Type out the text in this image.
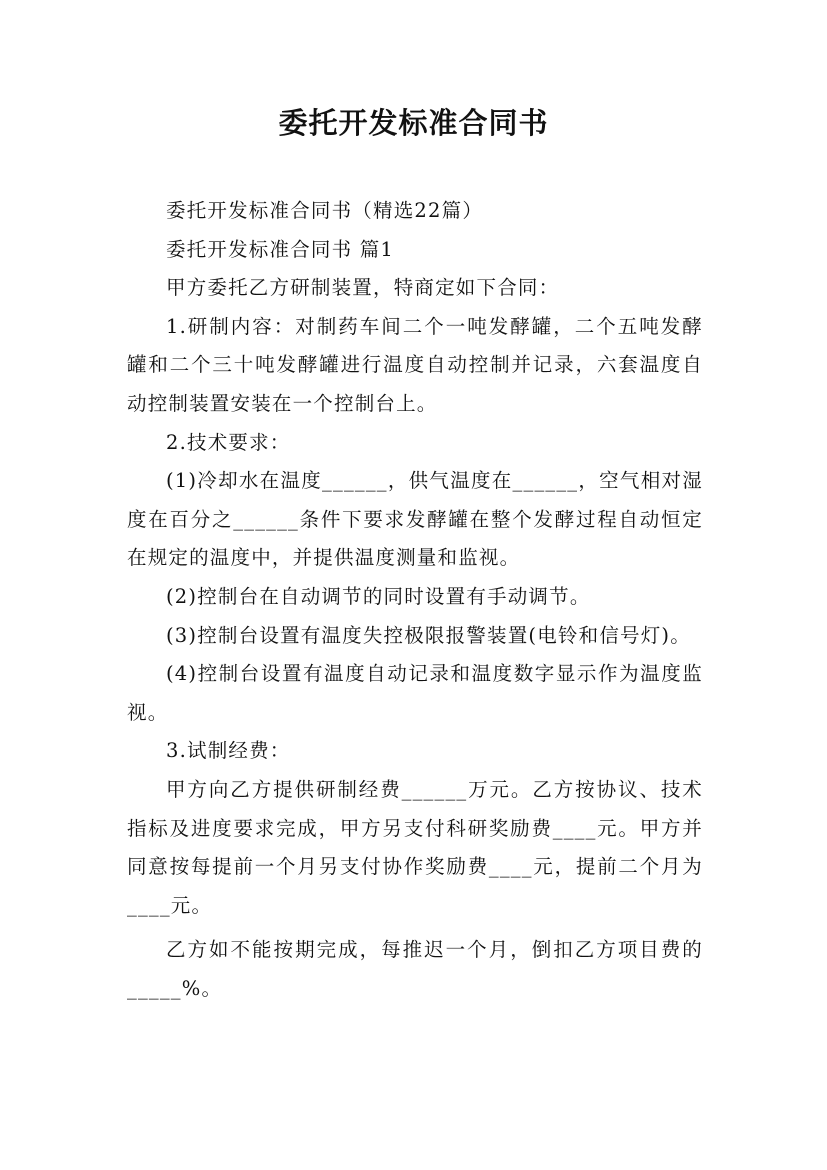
委托开发标准合同书

委托开发标准合同书（精选22篇）

委托开发标准合同书 篇1

甲方委托乙方研制装置，特商定如下合同：

1.研制内容：对制药车间二个一吨发酵罐，二个五吨发酵罐和二个三十吨发酵罐进行温度自动控制并记录，六套温度自动控制装置安装在一个控制台上。

2.技术要求：

(1)冷却水在温度______，供气温度在______，空气相对湿度在百分之______条件下要求发酵罐在整个发酵过程自动恒定在规定的温度中，并提供温度测量和监视。

(2)控制台在自动调节的同时设置有手动调节。

(3)控制台设置有温度失控极限报警装置(电铃和信号灯)。

(4)控制台设置有温度自动记录和温度数字显示作为温度监视。

3.试制经费：

甲方向乙方提供研制经费______万元。乙方按协议、技术指标及进度要求完成，甲方另支付科研奖励费____元。甲方并同意按每提前一个月另支付协作奖励费____元，提前二个月为____元。

乙方如不能按期完成，每推迟一个月，倒扣乙方项目费的_____%。
